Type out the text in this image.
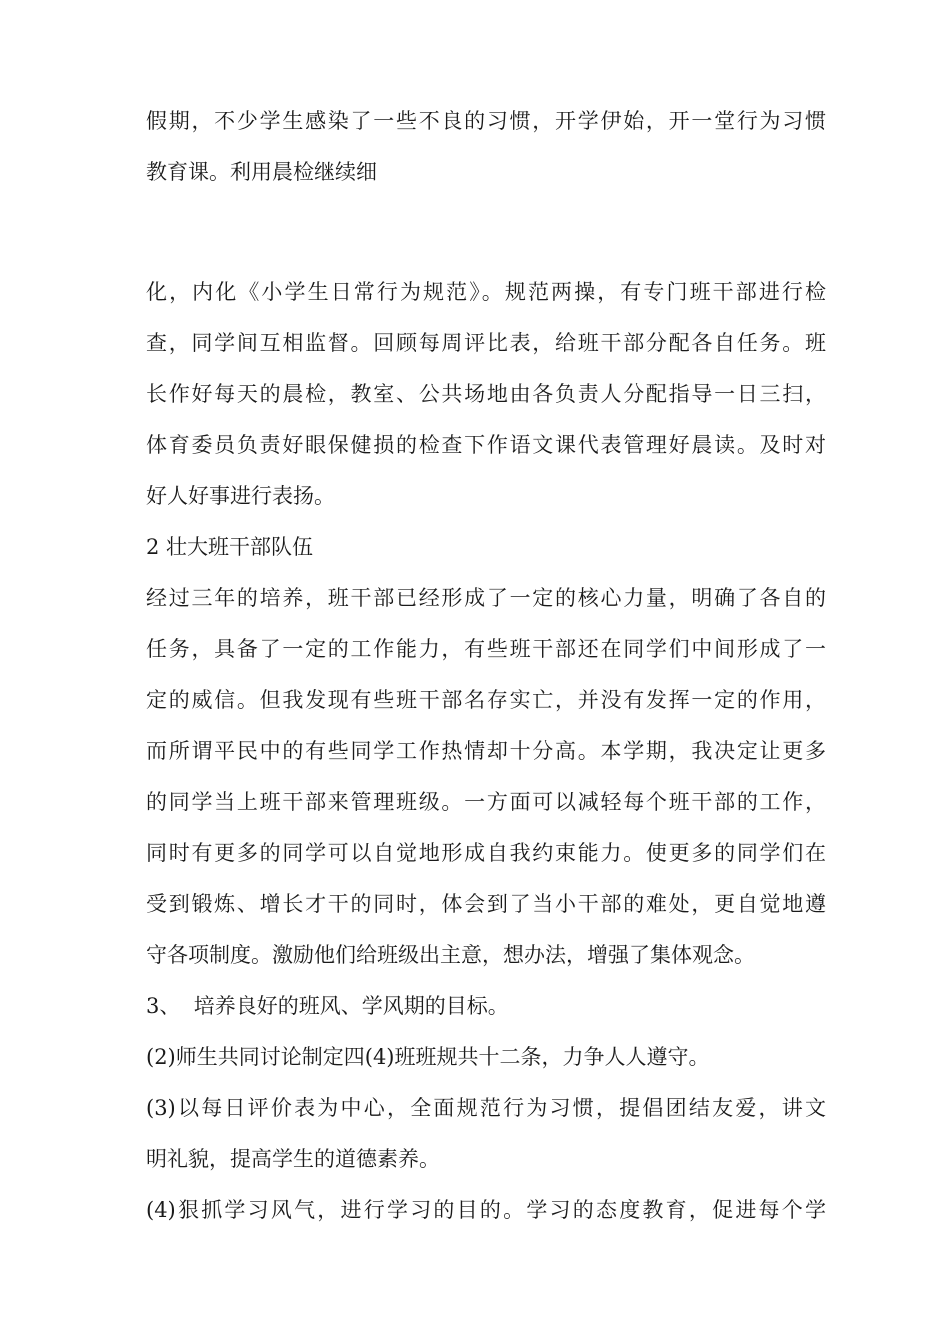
假期，不少学生感染了一些不良的习惯，开学伊始，开一堂行为习惯
教育课。利用晨检继续细
化，内化《小学生日常行为规范》。规范两操，有专门班干部进行检
查，同学间互相监督。回顾每周评比表，给班干部分配各自任务。班
长作好每天的晨检，教室、公共场地由各负责人分配指导一日三扫，
体育委员负责好眼保健损的检查下作语文课代表管理好晨读。及时对
好人好事进行表扬。
2 壮大班干部队伍
经过三年的培养，班干部已经形成了一定的核心力量，明确了各自的
任务，具备了一定的工作能力，有些班干部还在同学们中间形成了一
定的威信。但我发现有些班干部名存实亡，并没有发挥一定的作用，
而所谓平民中的有些同学工作热情却十分高。本学期，我决定让更多
的同学当上班干部来管理班级。一方面可以减轻每个班干部的工作，
同时有更多的同学可以自觉地形成自我约束能力。使更多的同学们在
受到锻炼、增长才干的同时，体会到了当小干部的难处，更自觉地遵
守各项制度。激励他们给班级出主意，想办法，增强了集体观念。
3、  培养良好的班风、学风期的目标。
(2)师生共同讨论制定四(4)班班规共十二条，力争人人遵守。
(3)以每日评价表为中心，全面规范行为习惯，提倡团结友爱，讲文
明礼貌，提高学生的道德素养。
(4)狠抓学习风气，进行学习的目的。学习的态度教育，促进每个学
